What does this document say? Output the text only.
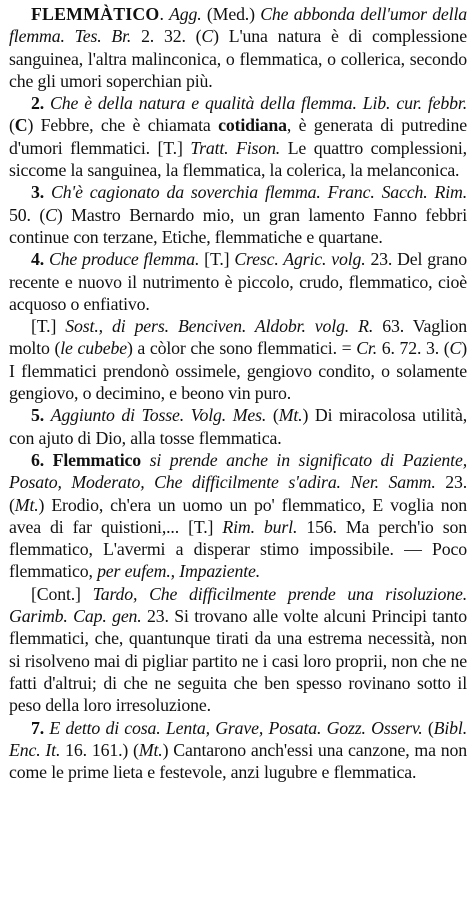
FLEMMÀTICO. Agg. (Med.) Che abbonda dell'umor della flemma. Tes. Br. 2. 32. (C) L'una natura è di complessione sanguinea, l'altra malinconica, o flemmatica, o collerica, secondo che gli umori soperchian più.

2. Che è della natura e qualità della flemma. Lib. cur. febbr. (C) Febbre, che è chiamata cotidiana, è generata di putredine d'umori flemmatici. [T.] Tratt. Fison. Le quattro complessioni, siccome la sanguinea, la flemmatica, la colerica, la melanconica.

3. Ch'è cagionato da soverchia flemma. Franc. Sacch. Rim. 50. (C) Mastro Bernardo mio, un gran lamento Fanno febbri continue con terzane, Etiche, flemmatiche e quartane.

4. Che produce flemma. [T.] Cresc. Agric. volg. 23. Del grano recente e nuovo il nutrimento è piccolo, crudo, flemmatico, cioè acquoso o enfiativo.

[T.] Sost., di pers. Benciven. Aldobr. volg. R. 63. Vaglion molto (le cubebe) a còlor che sono flemmatici. = Cr. 6. 72. 3. (C) I flemmatici prendonò ossimele, gengiovo condito, o solamente gengiovo, o decimino, e beono vin puro.

5. Aggiunto di Tosse. Volg. Mes. (Mt.) Di miracolosa utilità, con ajuto di Dio, alla tosse flemmatica.

6. Flemmatico si prende anche in significato di Paziente, Posato, Moderato, Che difficilmente s'adira. Ner. Samm. 23. (Mt.) Erodio, ch'era un uomo un po' flemmatico, E voglia non avea di far quistioni,... [T.] Rim. burl. 156. Ma perch'io son flemmatico, L'avermi a disperar stimo impossibile. — Poco flemmatico, per eufem., Impaziente.

[Cont.] Tardo, Che difficilmente prende una risoluzione. Garimb. Cap. gen. 23. Si trovano alle volte alcuni Principi tanto flemmatici, che, quantunque tirati da una estrema necessità, non si risolveno mai di pigliar partito ne i casi loro proprii, non che ne fatti d'altrui; di che ne seguita che ben spesso rovinano sotto il peso della loro irresoluzione.

7. E detto di cosa. Lenta, Grave, Posata. Gozz. Osserv. (Bibl. Enc. It. 16. 161.) (Mt.) Cantarono anch'essi una canzone, ma non come le prime lieta e festevole, anzi lugubre e flemmatica.
